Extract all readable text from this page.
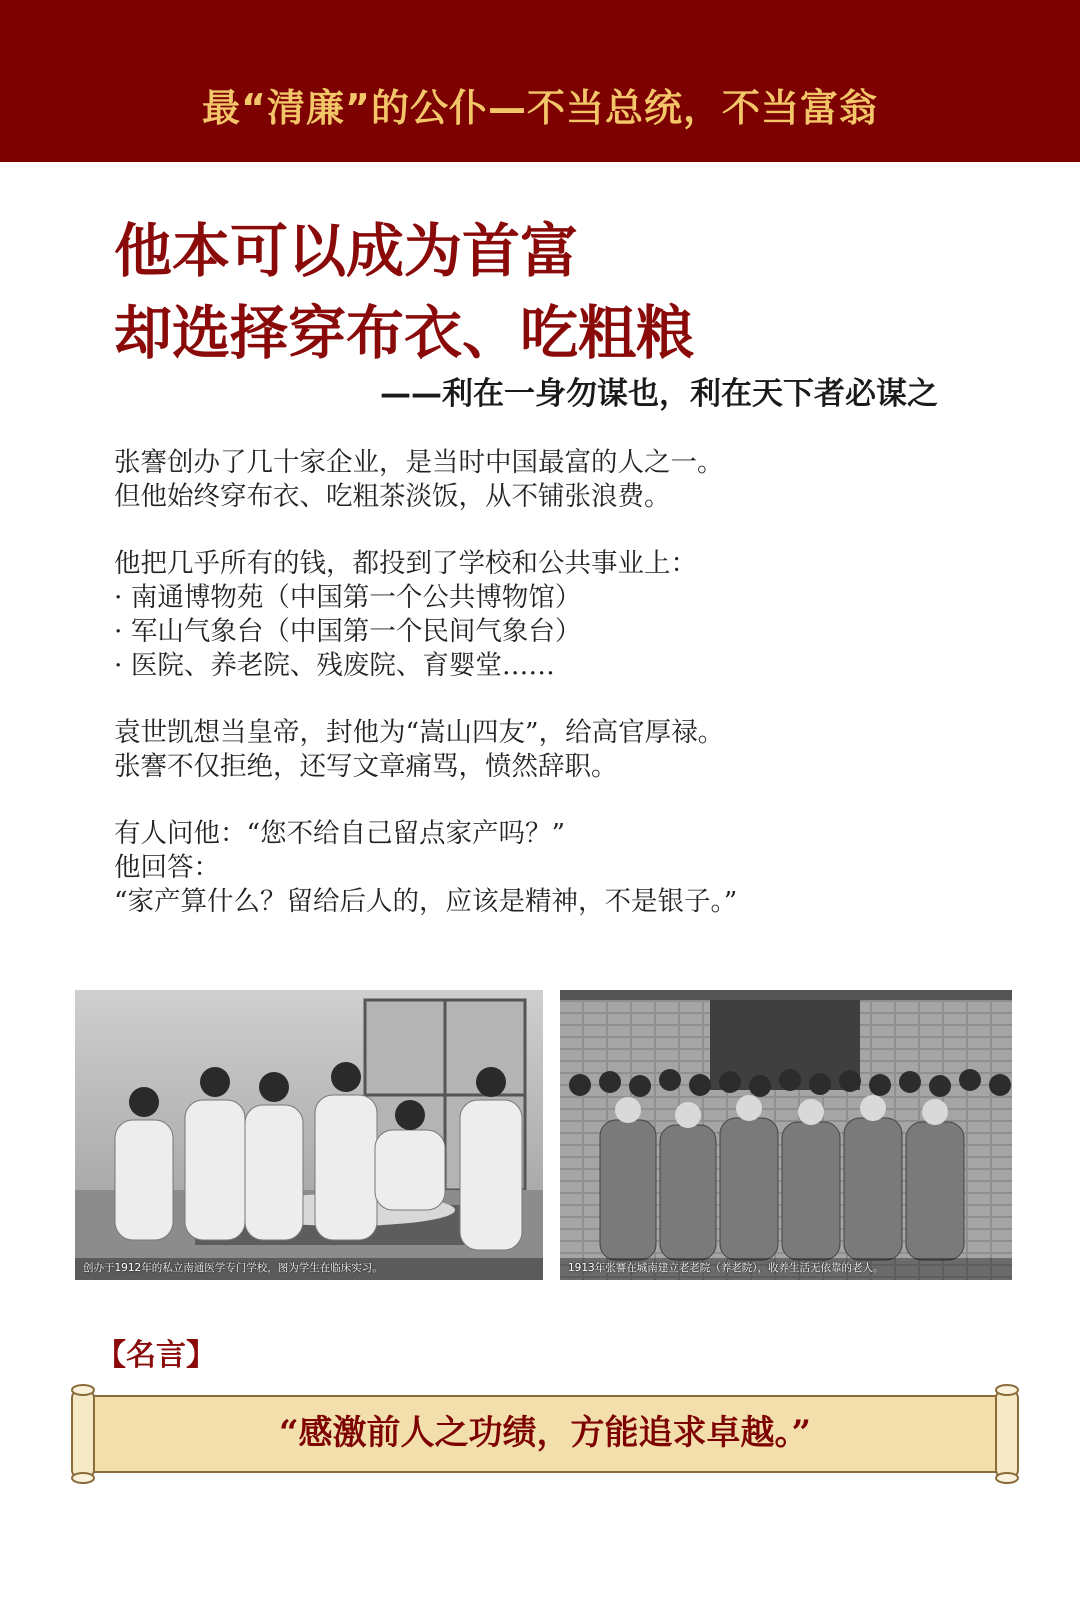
最“清廉”的公仆—不当总统，不当富翁
他本可以成为首富
却选择穿布衣、吃粗粮
——利在一身勿谋也，利在天下者必谋之

张謇创办了几十家企业，是当时中国最富的人之一。
但他始终穿布衣、吃粗茶淡饭，从不铺张浪费。

他把几乎所有的钱，都投到了学校和公共事业上：
· 南通博物苑（中国第一个公共博物馆）
· 军山气象台（中国第一个民间气象台）
· 医院、养老院、残废院、育婴堂……

袁世凯想当皇帝，封他为“嵩山四友”，给高官厚禄。
张謇不仅拒绝，还写文章痛骂，愤然辞职。

有人问他：“您不给自己留点家产吗？”
他回答：
“家产算什么？留给后人的，应该是精神，不是银子。”

创办于1912年的私立南通医学专门学校，图为学生在临床实习。	1913年张謇在城南建立老老院（养老院），收养生活无依靠的老人。
【名言】
“感激前人之功绩，方能追求卓越。”
